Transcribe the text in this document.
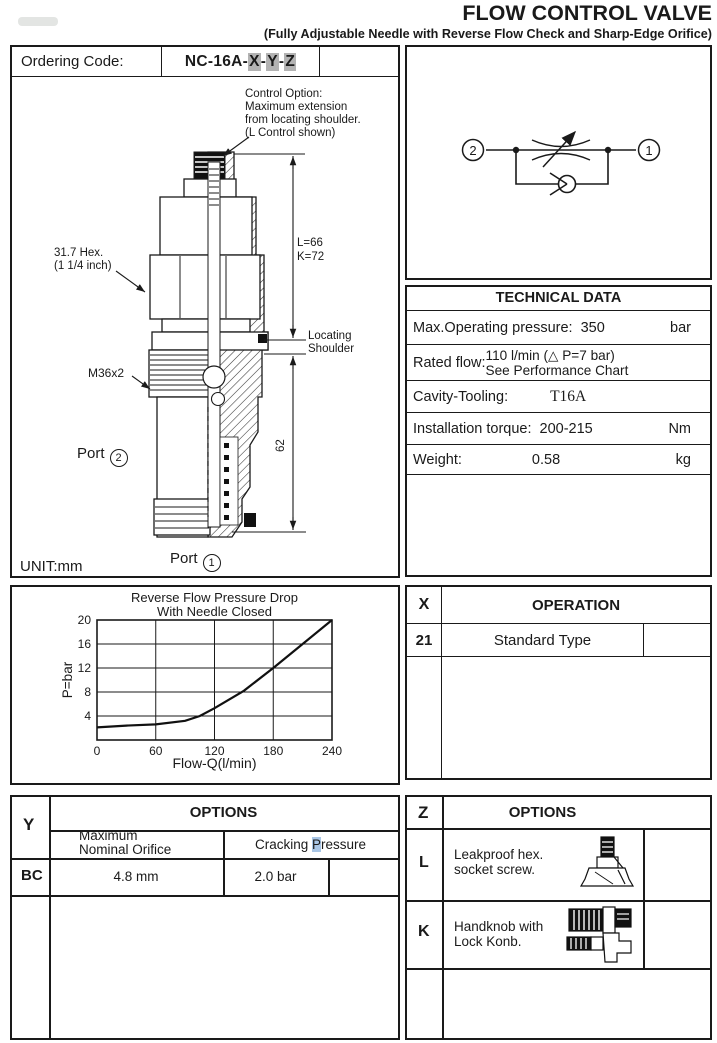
FLOW CONTROL VALVE
(Fully Adjustable Needle with Reverse Flow Check and Sharp-Edge Orifice)
Ordering Code:	NC-16A- X - Y - Z
L=66
K=72
62
Control Option:
Maximum extension
from locating shoulder.
(L Control shown)
31.7 Hex.
(1 1/4 inch)
M36x2
Locating
Shoulder
Port 2
Port 1
UNIT:mm
2	1
TECHNICAL DATA
Max.Operating pressure: 350	bar
Rated flow: 110 l/min (△ P=7 bar)
See Performance Chart
Cavity-Tooling:	T16A
Installation torque: 200-215	Nm
Weight:	0.58	kg
0	60	120	180	240
4
8
12
16
20
Reverse Flow Pressure Drop
With Needle Closed
P=bar
Flow-Q(l/min)
X	OPERATION
21	Standard Type
Y
OPTIONS
Maximum
Nominal Orifice	Cracking Pressure
BC	4.8 mm	2.0 bar
Z	OPTIONS
L Leakproof hex.
socket screw.
K Handknob with
Lock Konb.
